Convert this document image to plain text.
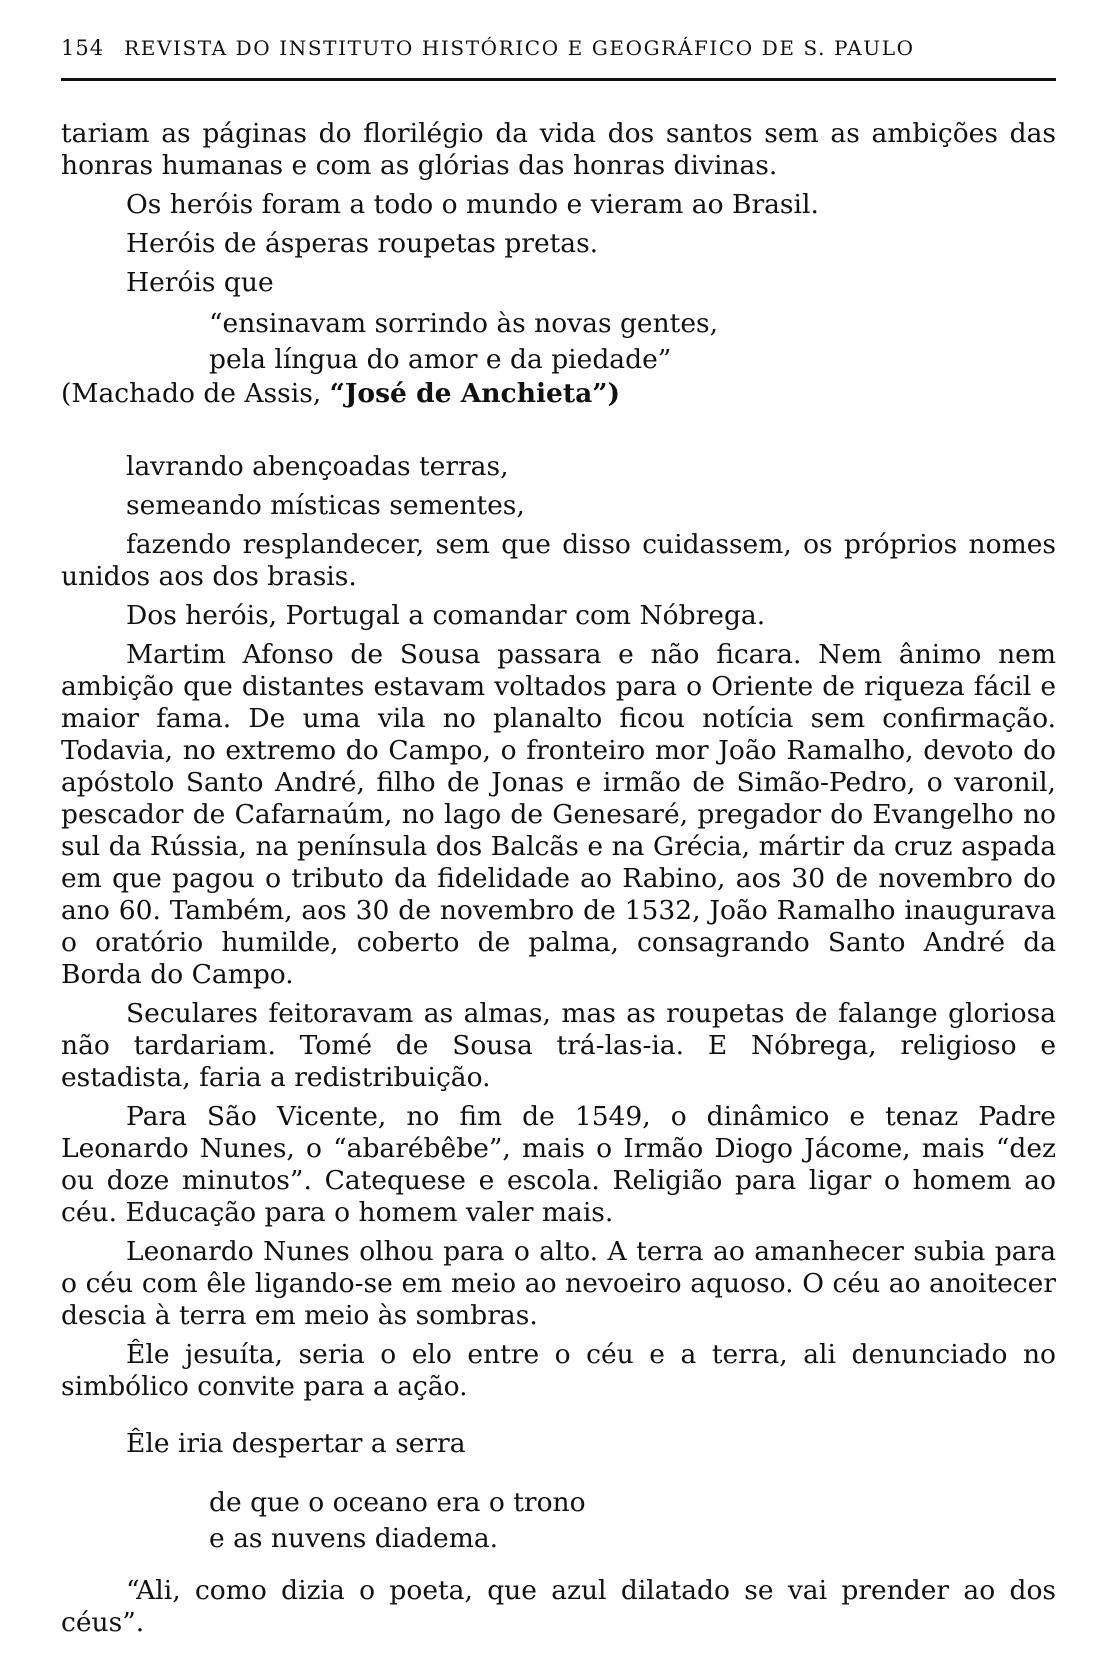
154 REVISTA DO INSTITUTO HISTÓRICO E GEOGRÁFICO DE S. PAULO

tariam as páginas do florilégio da vida dos santos sem as ambições das honras humanas e com as glórias das honras divinas.

Os heróis foram a todo o mundo e vieram ao Brasil.

Heróis de ásperas roupetas pretas.

Heróis que

“ensinavam sorrindo às novas gentes,
pela língua do amor e da piedade”

(Machado de Assis, “José de Anchieta”)

lavrando abençoadas terras,

semeando místicas sementes,

fazendo resplandecer, sem que disso cuidassem, os próprios nomes unidos aos dos brasis.

Dos heróis, Portugal a comandar com Nóbrega.

Martim Afonso de Sousa passara e não ficara. Nem ânimo nem ambição que distantes estavam voltados para o Oriente de riqueza fácil e maior fama. De uma vila no planalto ficou notícia sem confirmação. Todavia, no extremo do Campo, o fronteiro mor João Ramalho, devoto do apóstolo Santo André, filho de Jonas e irmão de Simão-Pedro, o varonil, pescador de Cafarnaúm, no lago de Genesaré, pregador do Evangelho no sul da Rússia, na península dos Balcãs e na Grécia, mártir da cruz aspada em que pagou o tributo da fidelidade ao Rabino, aos 30 de novembro do ano 60. Também, aos 30 de novembro de 1532, João Ramalho inaugurava o oratório humilde, coberto de palma, consagrando Santo André da Borda do Campo.

Seculares feitoravam as almas, mas as roupetas de falange gloriosa não tardariam. Tomé de Sousa trá-las-ia. E Nóbrega, religioso e estadista, faria a redistribuição.

Para São Vicente, no fim de 1549, o dinâmico e tenaz Padre Leonardo Nunes, o “abarébêbe”, mais o Irmão Diogo Jácome, mais “dez ou doze minutos”. Catequese e escola. Religião para ligar o homem ao céu. Educação para o homem valer mais.

Leonardo Nunes olhou para o alto. A terra ao amanhecer subia para o céu com êle ligando-se em meio ao nevoeiro aquoso. O céu ao anoitecer descia à terra em meio às sombras.

Êle jesuíta, seria o elo entre o céu e a terra, ali denunciado no simbólico convite para a ação.

Êle iria despertar a serra

de que o oceano era o trono
e as nuvens diadema.

“Ali, como dizia o poeta, que azul dilatado se vai prender ao dos céus”.
